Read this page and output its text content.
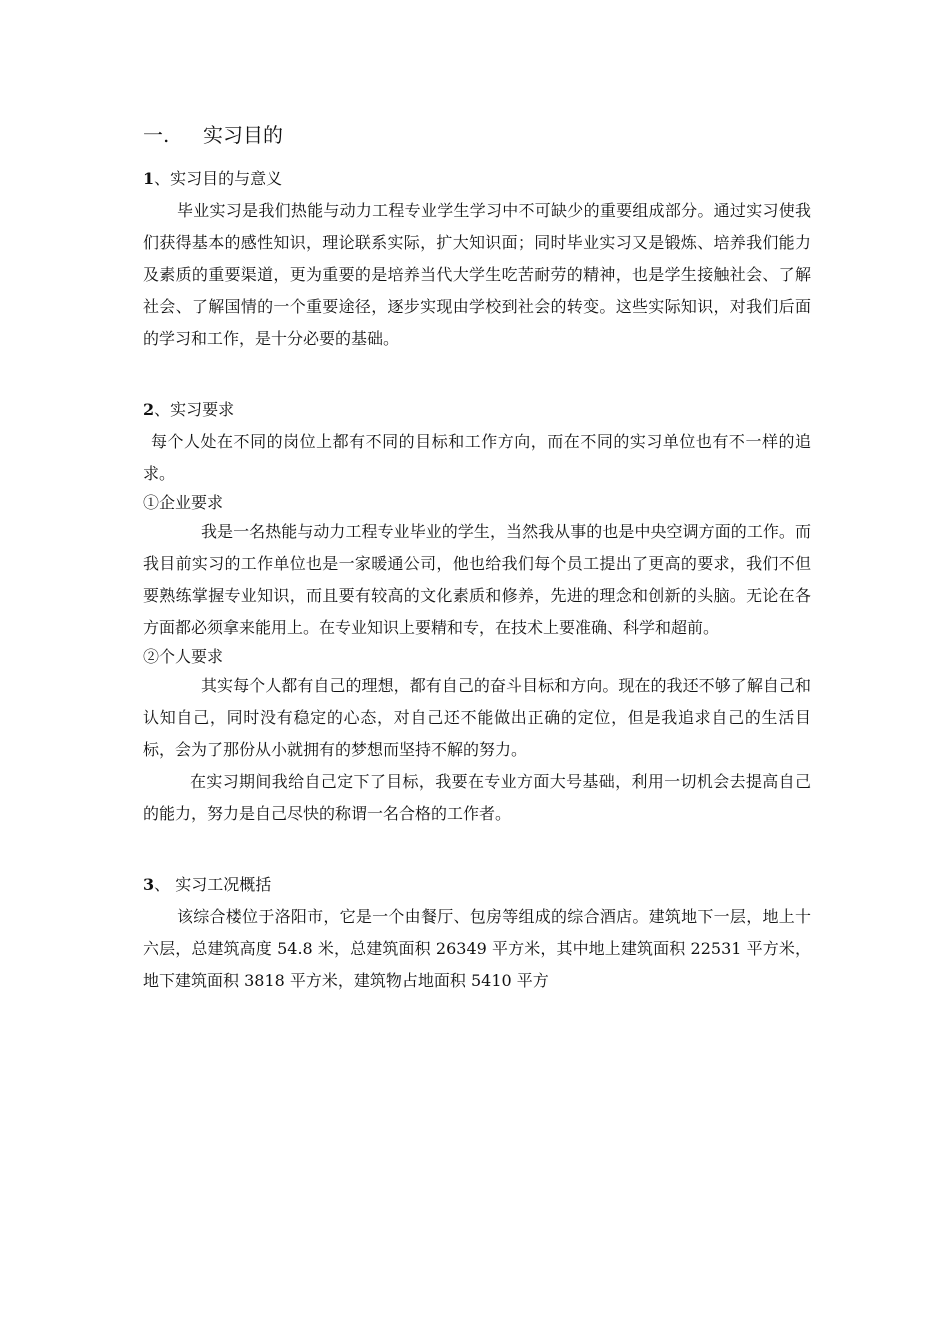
一. 实习目的
1、实习目的与意义
毕业实习是我们热能与动力工程专业学生学习中不可缺少的重要组成部分。通过实习使我们获得基本的感性知识，理论联系实际，扩大知识面；同时毕业实习又是锻炼、培养我们能力及素质的重要渠道，更为重要的是培养当代大学生吃苦耐劳的精神，也是学生接触社会、了解社会、了解国情的一个重要途径，逐步实现由学校到社会的转变。这些实际知识，对我们后面的学习和工作，是十分必要的基础。
2、实习要求
每个人处在不同的岗位上都有不同的目标和工作方向，而在不同的实习单位也有不一样的追求。
①企业要求
我是一名热能与动力工程专业毕业的学生，当然我从事的也是中央空调方面的工作。而我目前实习的工作单位也是一家暖通公司，他也给我们每个员工提出了更高的要求，我们不但要熟练掌握专业知识，而且要有较高的文化素质和修养，先进的理念和创新的头脑。无论在各方面都必须拿来能用上。在专业知识上要精和专，在技术上要准确、科学和超前。
②个人要求
其实每个人都有自己的理想，都有自己的奋斗目标和方向。现在的我还不够了解自己和认知自己，同时没有稳定的心态，对自己还不能做出正确的定位，但是我追求自己的生活目标，会为了那份从小就拥有的梦想而坚持不解的努力。
在实习期间我给自己定下了目标，我要在专业方面大号基础，利用一切机会去提高自己的能力，努力是自己尽快的称谓一名合格的工作者。
3、 实习工况概括
该综合楼位于洛阳市，它是一个由餐厅、包房等组成的综合酒店。建筑地下一层，地上十六层，总建筑高度 54.8 米，总建筑面积 26349 平方米，其中地上建筑面积 22531 平方米，地下建筑面积 3818 平方米，建筑物占地面积 5410 平方
